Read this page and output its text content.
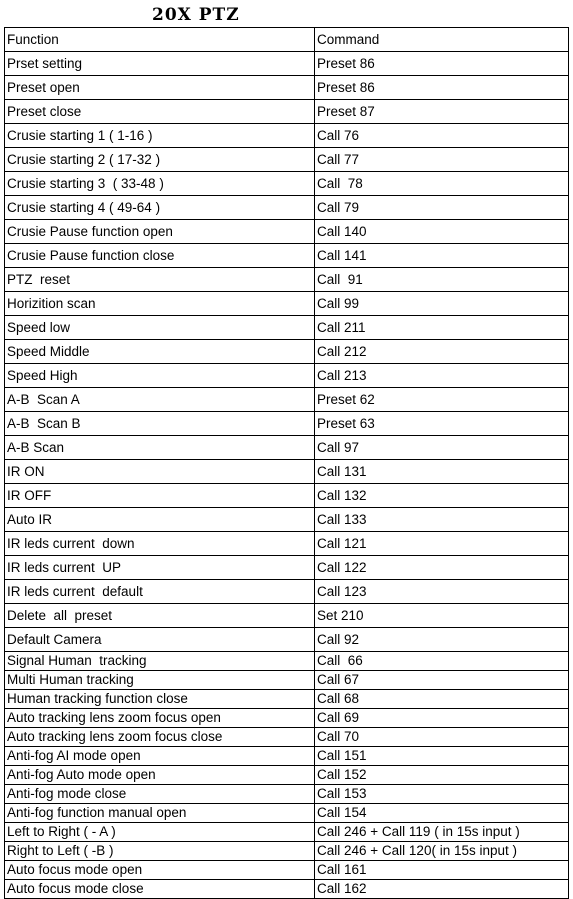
20X PTZ
Function	Command
Prset setting	Preset 86
Preset open	Preset 86
Preset close	Preset 87
Crusie starting 1 ( 1-16 )	Call 76
Crusie starting 2 ( 17-32 )	Call 77
Crusie starting 3  ( 33-48 )	Call  78
Crusie starting 4 ( 49-64 )	Call 79
Crusie Pause function open	Call 140
Crusie Pause function close	Call 141
PTZ  reset	Call  91
Horizition scan	Call 99
Speed low	Call 211
Speed Middle	Call 212
Speed High	Call 213
A-B  Scan A	Preset 62
A-B  Scan B	Preset 63
A-B Scan	Call 97
IR ON	Call 131
IR OFF	Call 132
Auto IR	Call 133
IR leds current  down	Call 121
IR leds current  UP	Call 122
IR leds current  default	Call 123
Delete  all  preset	Set 210
Default Camera	Call 92
Signal Human  tracking	Call  66
Multi Human tracking	Call 67
Human tracking function close	Call 68
Auto tracking lens zoom focus open	Call 69
Auto tracking lens zoom focus close	Call 70
Anti-fog AI mode open	Call 151
Anti-fog Auto mode open	Call 152
Anti-fog mode close	Call 153
Anti-fog function manual open	Call 154
Left to Right ( - A )	Call 246 + Call 119 ( in 15s input )
Right to Left ( -B )	Call 246 + Call 120( in 15s input )
Auto focus mode open	Call 161
Auto focus mode close	Call 162
